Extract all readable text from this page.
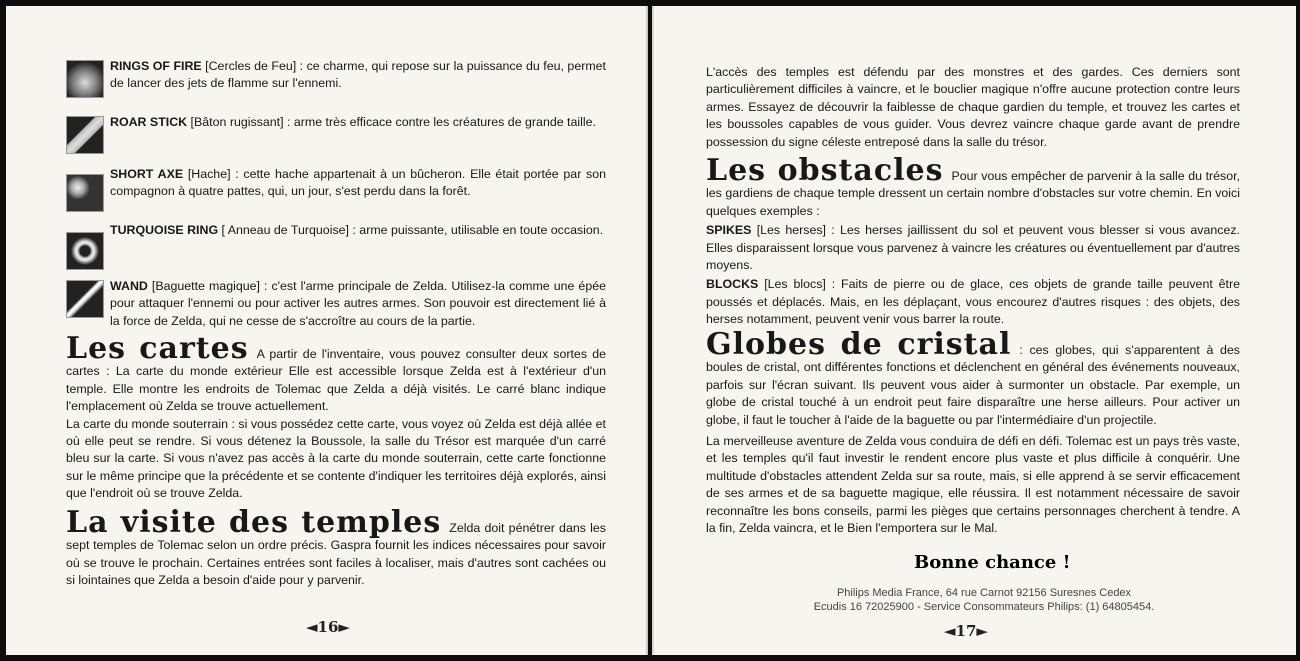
RINGS OF FIRE [Cercles de Feu] : ce charme, qui repose sur la puissance du feu, permet de lancer des jets de flamme sur l'ennemi.

ROAR STICK [Bâton rugissant] : arme très efficace contre les créatures de grande taille.

SHORT AXE [Hache] : cette hache appartenait à un bûcheron. Elle était portée par son compagnon à quatre pattes, qui, un jour, s'est perdu dans la forêt.

TURQUOISE RING [ Anneau de Turquoise] : arme puissante, utilisable en toute occasion.

WAND [Baguette magique] : c'est l'arme principale de Zelda. Utilisez-la comme une épée pour attaquer l'ennemi ou pour activer les autres armes. Son pouvoir est directement lié à la force de Zelda, qui ne cesse de s'accroître au cours de la partie.

Les cartes A partir de l'inventaire, vous pouvez consulter deux sortes de cartes : La carte du monde extérieur Elle est accessible lorsque Zelda est à l'extérieur d'un temple. Elle montre les endroits de Tolemac que Zelda a déjà visités. Le carré blanc indique l'emplacement où Zelda se trouve actuellement.

La carte du monde souterrain : si vous possédez cette carte, vous voyez où Zelda est déjà allée et où elle peut se rendre. Si vous détenez la Boussole, la salle du Trésor est marquée d'un carré bleu sur la carte. Si vous n'avez pas accès à la carte du monde souterrain, cette carte fonctionne sur le même principe que la précédente et se contente d'indiquer les territoires déjà explorés, ainsi que l'endroit où se trouve Zelda.

La visite des temples Zelda doit pénétrer dans les sept temples de Tolemac selon un ordre précis. Gaspra fournit les indices nécessaires pour savoir où se trouve le prochain. Certaines entrées sont faciles à localiser, mais d'autres sont cachées ou si lointaines que Zelda a besoin d'aide pour y parvenir.

◄16►

L'accès des temples est défendu par des monstres et des gardes. Ces derniers sont particulièrement difficiles à vaincre, et le bouclier magique n'offre aucune protection contre leurs armes. Essayez de découvrir la faiblesse de chaque gardien du temple, et trouvez les cartes et les boussoles capables de vous guider. Vous devrez vaincre chaque garde avant de prendre possession du signe céleste entreposé dans la salle du trésor.

Les obstacles Pour vous empêcher de parvenir à la salle du trésor, les gardiens de chaque temple dressent un certain nombre d'obstacles sur votre chemin. En voici quelques exemples :

SPIKES [Les herses] : Les herses jaillissent du sol et peuvent vous blesser si vous avancez. Elles disparaissent lorsque vous parvenez à vaincre les créatures ou éventuellement par d'autres moyens.

BLOCKS [Les blocs] : Faits de pierre ou de glace, ces objets de grande taille peuvent être poussés et déplacés. Mais, en les déplaçant, vous encourez d'autres risques : des objets, des herses notamment, peuvent venir vous barrer la route.

Globes de cristal : ces globes, qui s'apparentent à des boules de cristal, ont différentes fonctions et déclenchent en général des événements nouveaux, parfois sur l'écran suivant. Ils peuvent vous aider à surmonter un obstacle. Par exemple, un globe de cristal touché à un endroit peut faire disparaître une herse ailleurs. Pour activer un globe, il faut le toucher à l'aide de la baguette ou par l'intermédiaire d'un projectile.

La merveilleuse aventure de Zelda vous conduira de défi en défi. Tolemac est un pays très vaste, et les temples qu'il faut investir le rendent encore plus vaste et plus difficile à conquérir. Une multitude d'obstacles attendent Zelda sur sa route, mais, si elle apprend à se servir efficacement de ses armes et de sa baguette magique, elle réussira. Il est notamment nécessaire de savoir reconnaître les bons conseils, parmi les pièges que certains personnages cherchent à tendre. A la fin, Zelda vaincra, et le Bien l'emportera sur le Mal.

Bonne chance !
Philips Media France, 64 rue Carnot 92156 Suresnes Cedex
Ecudis 16 72025900 - Service Consommateurs Philips: (1) 64805454.
◄17►
